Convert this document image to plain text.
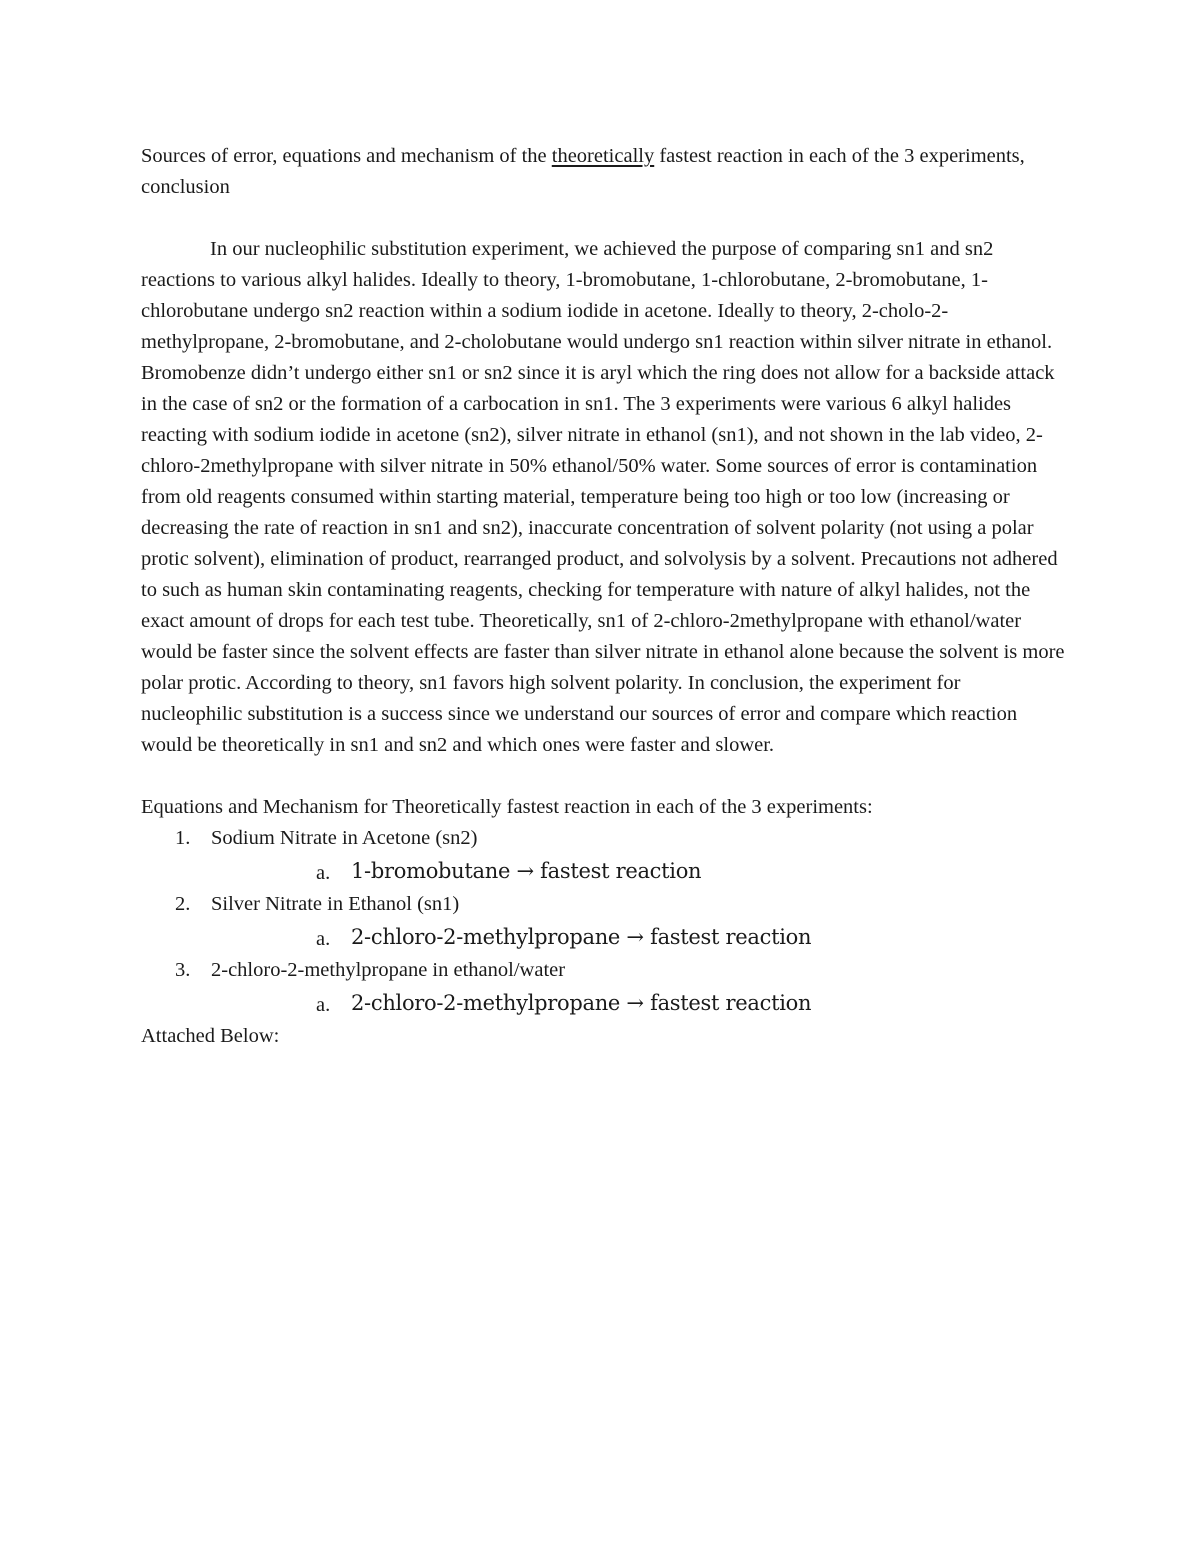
Sources of error, equations and mechanism of the theoretically fastest reaction in each of the 3 experiments, conclusion

In our nucleophilic substitution experiment, we achieved the purpose of comparing sn1 and sn2 reactions to various alkyl halides. Ideally to theory, 1-bromobutane, 1-chlorobutane, 2-bromobutane, 1-chlorobutane undergo sn2 reaction within a sodium iodide in acetone. Ideally to theory, 2-cholo-2-methylpropane, 2-bromobutane, and 2-cholobutane would undergo sn1 reaction within silver nitrate in ethanol. Bromobenze didn’t undergo either sn1 or sn2 since it is aryl which the ring does not allow for a backside attack in the case of sn2 or the formation of a carbocation in sn1. The 3 experiments were various 6 alkyl halides reacting with sodium iodide in acetone (sn2), silver nitrate in ethanol (sn1), and not shown in the lab video, 2-chloro-2methylpropane with silver nitrate in 50% ethanol/50% water. Some sources of error is contamination from old reagents consumed within starting material, temperature being too high or too low (increasing or decreasing the rate of reaction in sn1 and sn2), inaccurate concentration of solvent polarity (not using a polar protic solvent), elimination of product, rearranged product, and solvolysis by a solvent. Precautions not adhered to such as human skin contaminating reagents, checking for temperature with nature of alkyl halides, not the exact amount of drops for each test tube. Theoretically, sn1 of 2-chloro-2methylpropane with ethanol/water would be faster since the solvent effects are faster than silver nitrate in ethanol alone because the solvent is more polar protic. According to theory, sn1 favors high solvent polarity. In conclusion, the experiment for nucleophilic substitution is a success since we understand our sources of error and compare which reaction would be theoretically in sn1 and sn2 and which ones were faster and slower.

Equations and Mechanism for Theoretically fastest reaction in each of the 3 experiments:

1. Sodium Nitrate in Acetone (sn2)
a. 1-bromobutane → fastest reaction
2. Silver Nitrate in Ethanol (sn1)
a. 2-chloro-2-methylpropane → fastest reaction
3. 2-chloro-2-methylpropane in ethanol/water
a. 2-chloro-2-methylpropane → fastest reaction

Attached Below:
